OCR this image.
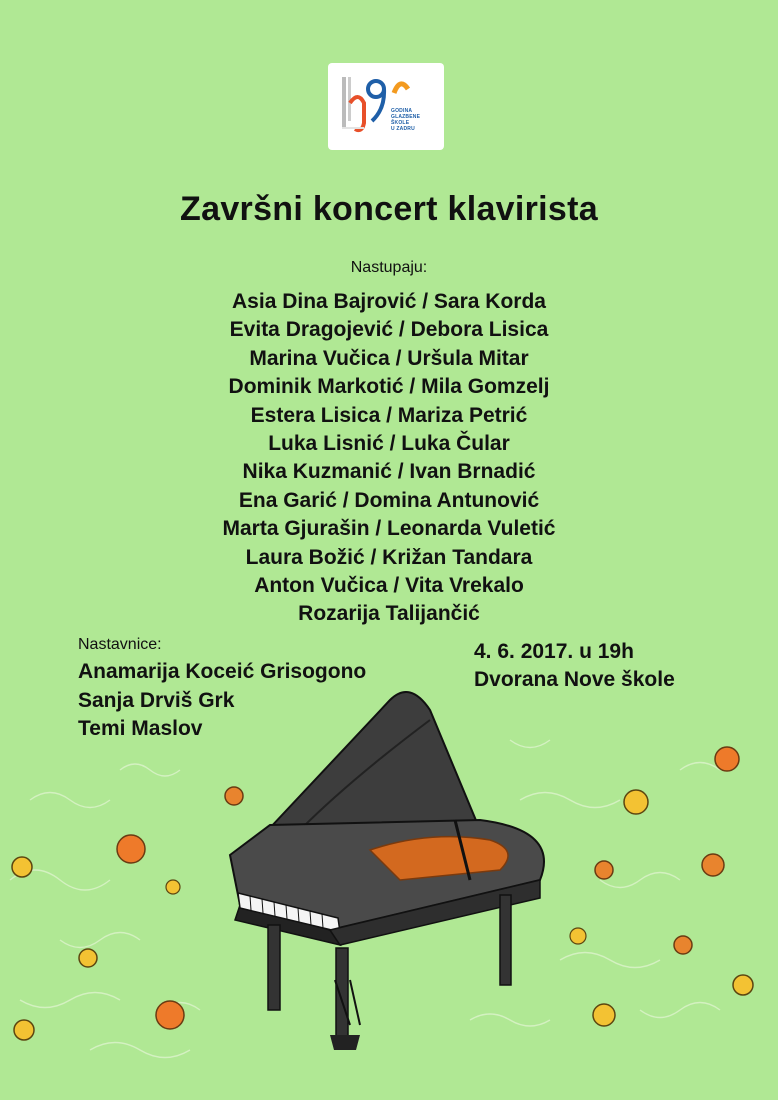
GODINA
GLAZBENE
ŠKOLE
U ZADRU
Završni koncert klavirista
Nastupaju:
Asia Dina Bajrović / Sara Korda
Evita Dragojević / Debora Lisica
Marina Vučica / Uršula Mitar
Dominik Markotić / Mila Gomzelj
Estera Lisica / Mariza Petrić
Luka Lisnić / Luka Čular
Nika Kuzmanić / Ivan Brnadić
Ena Garić / Domina Antunović
Marta Gjurašin / Leonarda Vuletić
Laura Božić / Križan Tandara
Anton Vučica / Vita Vrekalo
Rozarija Talijančić
Nastavnice:
Anamarija Koceić Grisogono
Sanja Drviš Grk
Temi Maslov
4. 6. 2017. u 19h
Dvorana Nove škole
